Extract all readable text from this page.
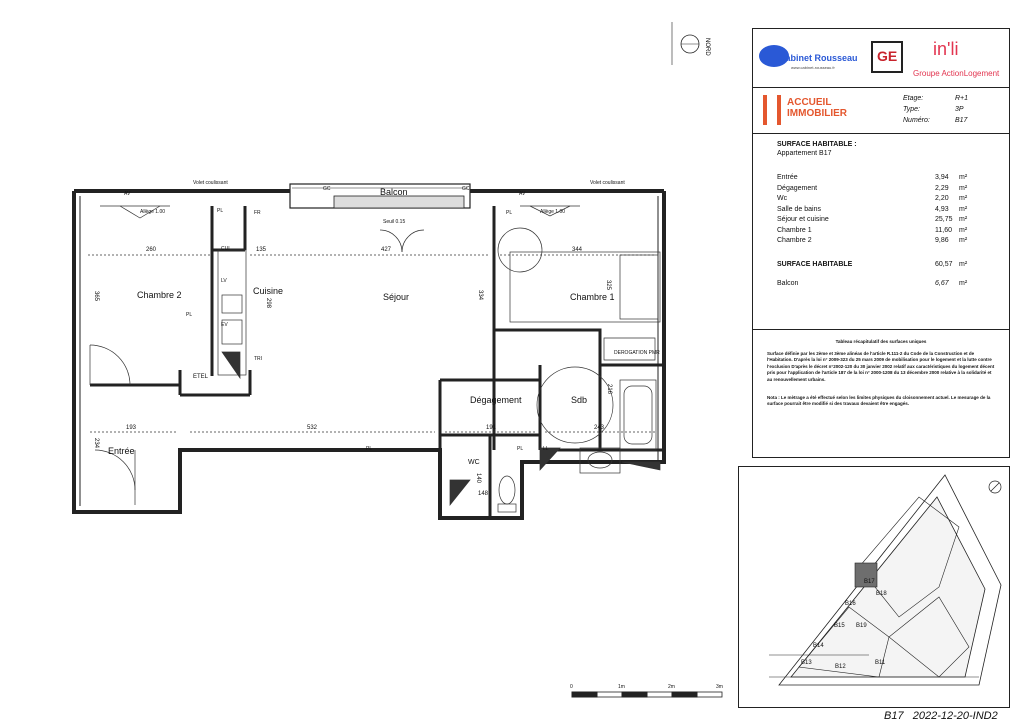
NORD
Chambre 2	Cuisine
Séjour	Chambre 1
Entrée
Dégagement	Sdb
WC
Balcon
Volet coulissant	Volet coulissant
AV	AV
GC	GC
Allège 1.00	Allège 1.00
Seuil 0.15
PL
PL
PL
PL	PL
FR
CUI
LV
EV
TRI
ETEL
LL
DEROGATION PMR
260	135	427	344
365
298
334
325
193	532	191	243
234
216
140
148
0	1m	2m	3m
Cabinet Rousseau
www.cabinet-rousseau.fr
GE in'li
Groupe ActionLogement
ACCUEIL
IMMOBILIER
Etage:	R+1
Type:	3P
Numéro:	B17
SURFACE HABITABLE :
Appartement B17
Entrée	3,94 m²
Dégagement	2,29 m²
Wc	2,20 m²
Salle de bains	4,93 m²
Séjour et cuisine	25,75 m²
Chambre 1	11,60 m²
Chambre 2	9,86 m²
SURFACE HABITABLE	60,57 m²
Balcon	6,67 m²
Tableau récapitulatif des surfaces uniques
Surface définie par les 2ème et 3ème alinéas de l'article R.111-2 du Code de la Construction et de l'Habitation. D'après la loi n° 2009-323 du 25 mars 2009 de mobilisation pour le logement et la lutte contre l'exclusion D'après le décret n°2002-120 du 30 janvier 2002 relatif aux caractéristiques du logement décent pris pour l'application de l'article 187 de la loi n° 2000-1208 du 13 décembre 2000 relative à la solidarité et au renouvellement urbains.
Nota : Le mètrage a été effectué selon les limites physiques du cloisonnement actuel. Le mesurage de la surface pourrait être modifié si des travaux devaient être engagés.
B17
B18
B16
B19
B15
B14
B13
B12
B11
B17 2022-12-20-IND2
